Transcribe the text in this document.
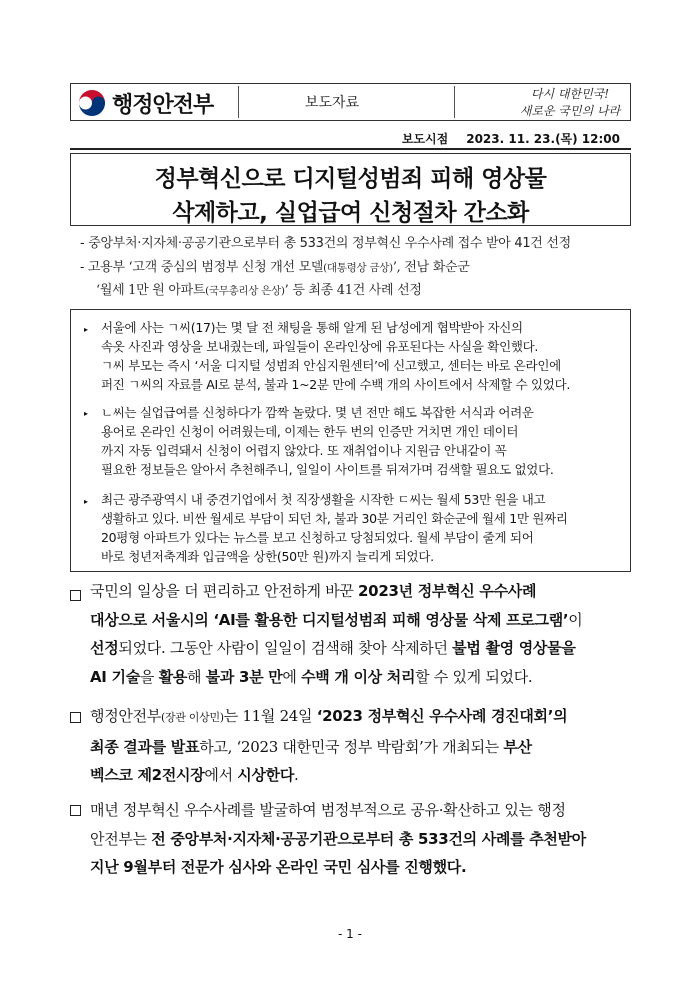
행정안전부	보도자료
다시 대한민국!
새로운 국민의 나라
보도시점 2023. 11. 23.(목) 12:00
정부혁신으로 디지털성범죄 피해 영상물
삭제하고, 실업급여 신청절차 간소화
- 중앙부처·지자체·공공기관으로부터 총 533건의 정부혁신 우수사례 접수 받아 41건 선정
- 고용부 ‘고객 중심의 범정부 신청 개선 모델(대통령상 금상)’, 전남 화순군
‘월세 1만 원 아파트(국무총리상 은상)’ 등 최종 41건 사례 선정
▸
▸
▸
서울에 사는 ㄱ씨(17)는 몇 달 전 채팅을 통해 알게 된 남성에게 협박받아 자신의
속옷 사진과 영상을 보내줬는데, 파일들이 온라인상에 유포된다는 사실을 확인했다.
ㄱ씨 부모는 즉시 ‘서울 디지털 성범죄 안심지원센터’에 신고했고, 센터는 바로 온라인에
퍼진 ㄱ씨의 자료를 AI로 분석, 불과 1~2분 만에 수백 개의 사이트에서 삭제할 수 있었다.
ㄴ씨는 실업급여를 신청하다가 깜짝 놀랐다. 몇 년 전만 해도 복잡한 서식과 어려운
용어로 온라인 신청이 어려웠는데, 이제는 한두 번의 인증만 거치면 개인 데이터
까지 자동 입력돼서 신청이 어렵지 않았다. 또 재취업이나 지원금 안내같이 꼭
필요한 정보들은 알아서 추천해주니, 일일이 사이트를 뒤져가며 검색할 필요도 없었다.
최근 광주광역시 내 중견기업에서 첫 직장생활을 시작한 ㄷ씨는 월세 53만 원을 내고
생활하고 있다. 비싼 월세로 부담이 되던 차, 불과 30분 거리인 화순군에 월세 1만 원짜리
20평형 아파트가 있다는 뉴스를 보고 신청하고 당첨되었다. 월세 부담이 줄게 되어
바로 청년저축계좌 입금액을 상한(50만 원)까지 늘리게 되었다.
국민의 일상을 더 편리하고 안전하게 바꾼 2023년 정부혁신 우수사례
대상으로 서울시의 ‘AI를 활용한 디지털성범죄 피해 영상물 삭제 프로그램’이
선정되었다. 그동안 사람이 일일이 검색해 찾아 삭제하던 불법 촬영 영상물을
AI 기술을 활용해 불과 3분 만에 수백 개 이상 처리할 수 있게 되었다.
행정안전부(장관 이상민)는 11월 24일 ‘2023 정부혁신 우수사례 경진대회’의
최종 결과를 발표하고, ‘2023 대한민국 정부 박람회’가 개최되는 부산
벡스코 제2전시장에서 시상한다.
매년 정부혁신 우수사례를 발굴하여 범정부적으로 공유·확산하고 있는 행정
안전부는 전 중앙부처·지자체·공공기관으로부터 총 533건의 사례를 추천받아
지난 9월부터 전문가 심사와 온라인 국민 심사를 진행했다.
- 1 -
